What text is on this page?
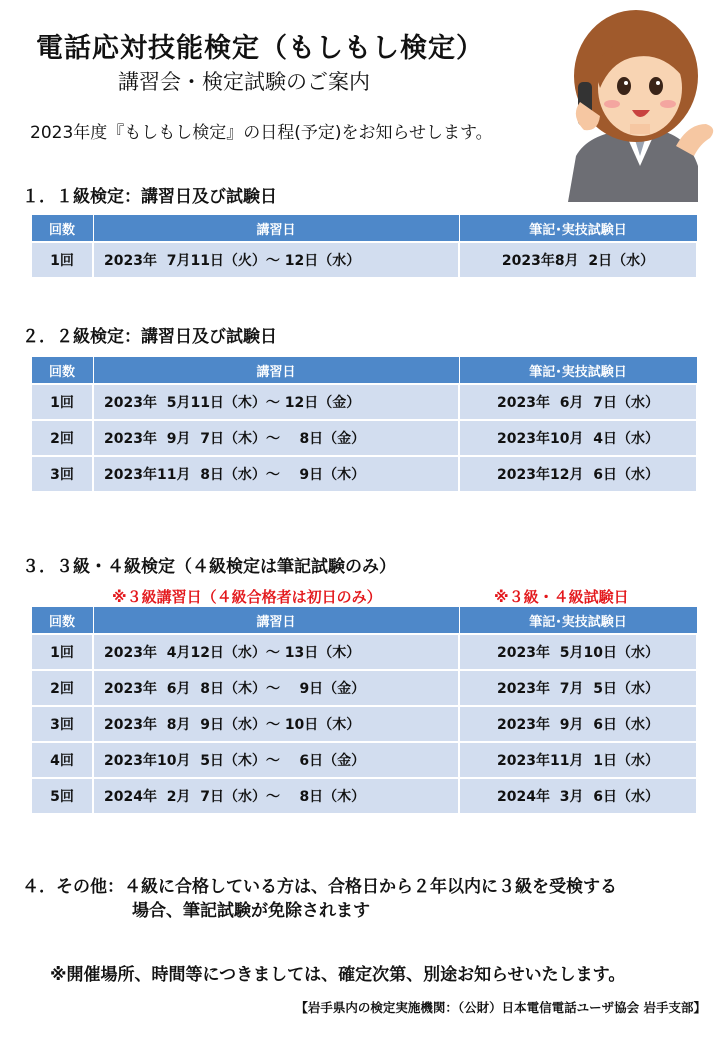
電話応対技能検定（もしもし検定）
講習会・検定試験のご案内
2023年度『もしもし検定』の日程(予定)をお知らせします。
１．１級検定：講習日及び試験日
回数	講習日	筆記･実技試験日
1回	2023年  7月11日（火）～ 12日（水）	2023年8月  2日（水）
２．２級検定：講習日及び試験日
回数	講習日	筆記･実技試験日
1回	2023年  5月11日（木）～ 12日（金）	2023年  6月  7日（水）
2回	2023年  9月  7日（木）～    8日（金）	2023年10月  4日（水）
3回	2023年11月  8日（水）～    9日（木）	2023年12月  6日（水）
３．３級・４級検定（４級検定は筆記試験のみ）
※３級講習日（４級合格者は初日のみ）	※３級・４級試験日
回数	講習日	筆記･実技試験日
1回	2023年  4月12日（水）～ 13日（木）	2023年  5月10日（水）
2回	2023年  6月  8日（木）～    9日（金）	2023年  7月  5日（水）
3回	2023年  8月  9日（水）～ 10日（木）	2023年  9月  6日（水）
4回	2023年10月  5日（木）～    6日（金）	2023年11月  1日（水）
5回	2024年  2月  7日（水）～    8日（木）	2024年  3月  6日（水）
４．その他：４級に合格している方は、合格日から２年以内に３級を受検する
場合、筆記試験が免除されます
※開催場所、時間等につきましては、確定次第、別途お知らせいたします。
【岩手県内の検定実施機関：（公財）日本電信電話ユーザ協会 岩手支部】
